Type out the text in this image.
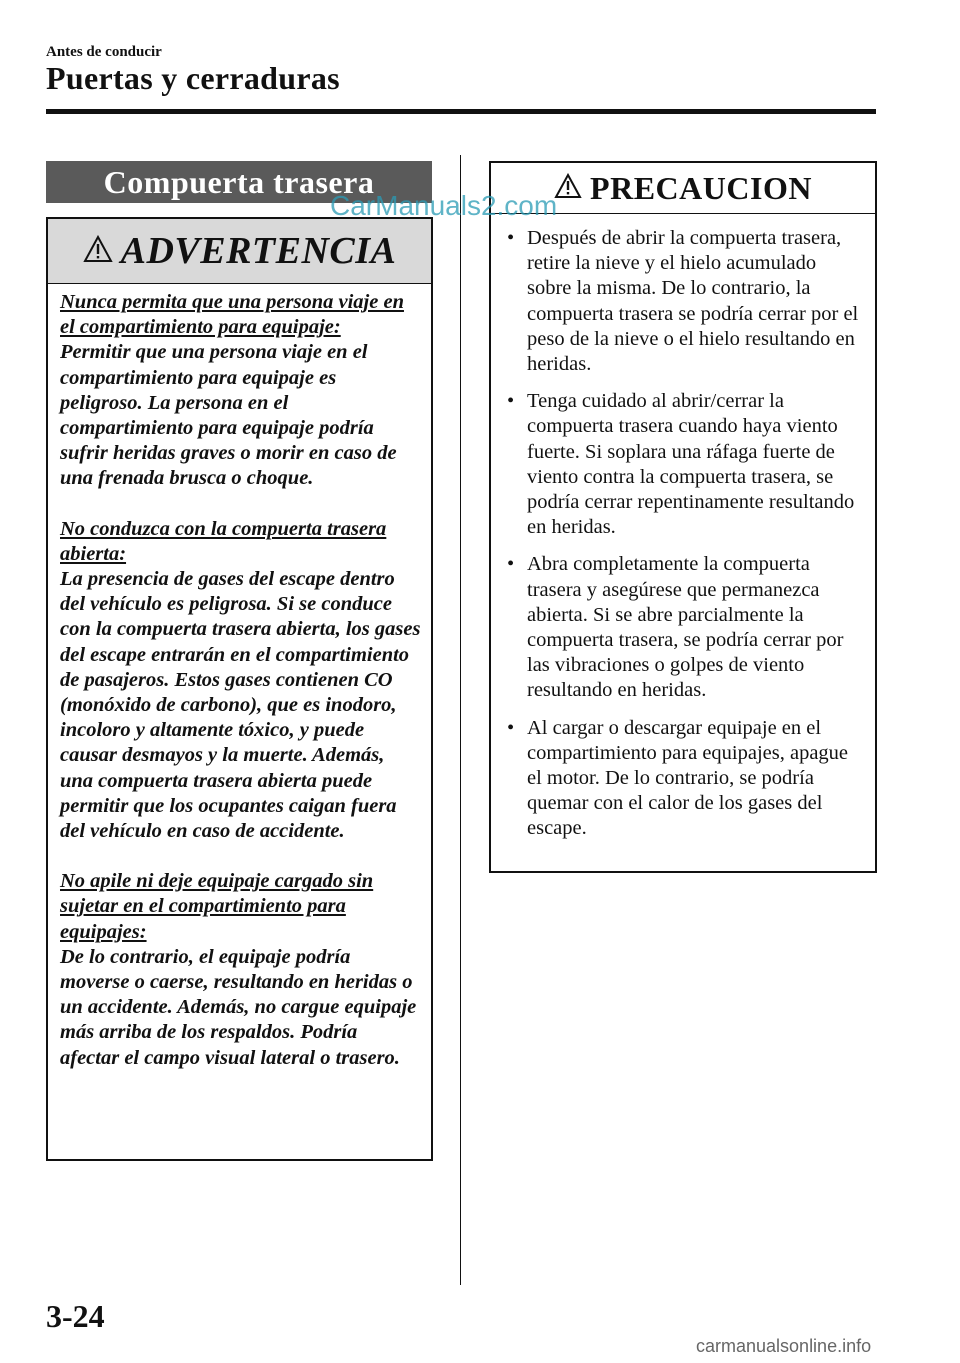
Antes de conducir
Puertas y cerraduras
Compuerta trasera
ADVERTENCIA
Nunca permita que una persona viaje en el compartimiento para equipaje:
Permitir que una persona viaje en el compartimiento para equipaje es peligroso. La persona en el compartimiento para equipaje podría sufrir heridas graves o morir en caso de una frenada brusca o choque.
No conduzca con la compuerta trasera abierta:
La presencia de gases del escape dentro del vehículo es peligrosa. Si se conduce con la compuerta trasera abierta, los gases del escape entrarán en el compartimiento de pasajeros. Estos gases contienen CO (monóxido de carbono), que es inodoro, incoloro y altamente tóxico, y puede causar desmayos y la muerte. Además, una compuerta trasera abierta puede permitir que los ocupantes caigan fuera del vehículo en caso de accidente.
No apile ni deje equipaje cargado sin sujetar en el compartimiento para equipajes:
De lo contrario, el equipaje podría moverse o caerse, resultando en heridas o un accidente. Además, no cargue equipaje más arriba de los respaldos. Podría afectar el campo visual lateral o trasero.
PRECAUCION
• Después de abrir la compuerta trasera, retire la nieve y el hielo acumulado sobre la misma. De lo contrario, la compuerta trasera se podría cerrar por el peso de la nieve o el hielo resultando en heridas.
• Tenga cuidado al abrir/cerrar la compuerta trasera cuando haya viento fuerte. Si soplara una ráfaga fuerte de viento contra la compuerta trasera, se podría cerrar repentinamente resultando en heridas.
• Abra completamente la compuerta trasera y asegúrese que permanezca abierta. Si se abre parcialmente la compuerta trasera, se podría cerrar por las vibraciones o golpes de viento resultando en heridas.
• Al cargar o descargar equipaje en el compartimiento para equipajes, apague el motor. De lo contrario, se podría quemar con el calor de los gases del escape.
CarManuals2.com
3-24
carmanualsonline.info
